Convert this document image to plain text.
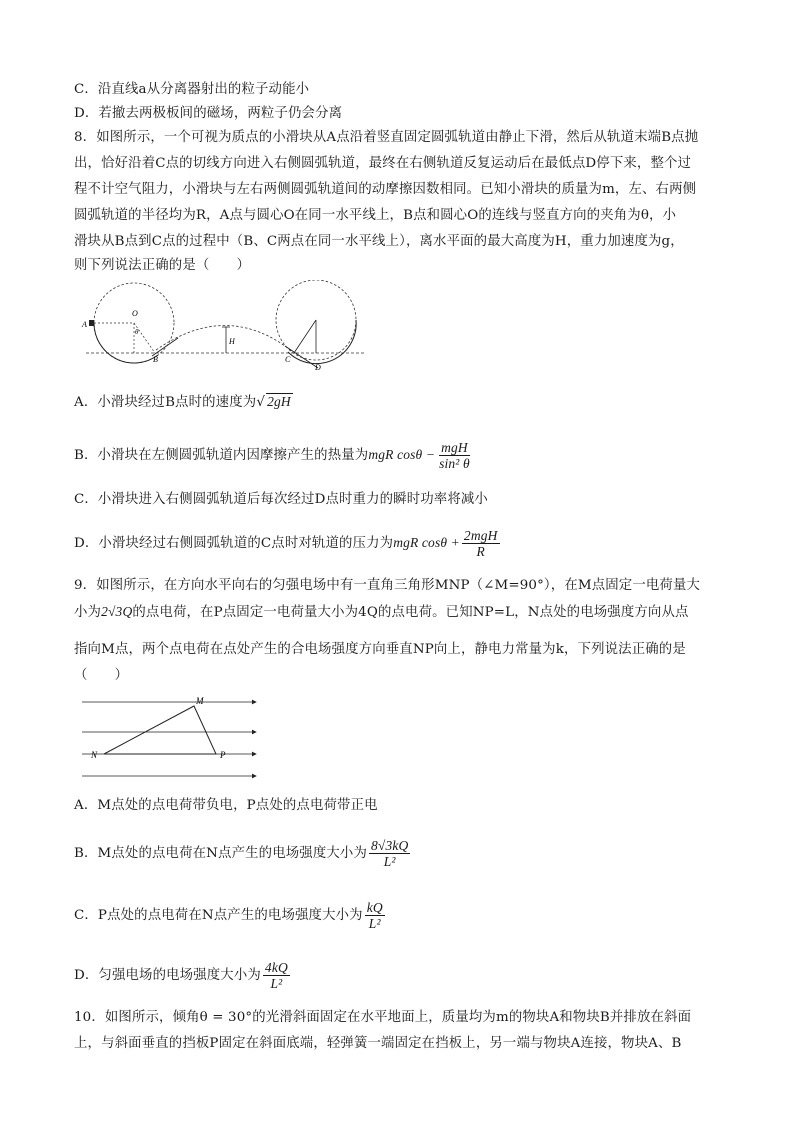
C．沿直线a从分离器射出的粒子动能小
D．若撤去两极板间的磁场，两粒子仍会分离
8．如图所示，一个可视为质点的小滑块从A点沿着竖直固定圆弧轨道由静止下滑，然后从轨道末端B点抛
出，恰好沿着C点的切线方向进入右侧圆弧轨道，最终在右侧轨道反复运动后在最低点D停下来，整个过
程不计空气阻力，小滑块与左右两侧圆弧轨道间的动摩擦因数相同。已知小滑块的质量为m，左、右两侧
圆弧轨道的半径均为R，A点与圆心O在同一水平线上，B点和圆心O的连线与竖直方向的夹角为θ，小
滑块从B点到C点的过程中（B、C两点在同一水平线上），离水平面的最大高度为H，重力加速度为g，
则下列说法正确的是（　　）
A
O
θ
B
H
C
D
A．小滑块经过B点时的速度为√ 2gH
B．小滑块在左侧圆弧轨道内因摩擦产生的热量为mgR $\cos\theta - \frac{\text{mgH}}{\text{sin² θ}}$
C．小滑块进入右侧圆弧轨道后每次经过D点时重力的瞬时功率将减小
D．小滑块经过右侧圆弧轨道的C点时对轨道的压力为mgR $\cos\theta + \frac{\text{2mgH}}{R}$
9．如图所示，在方向水平向右的匀强电场中有一直角三角形MNP（∠M=90°），在M点固定一电荷量大
小为2√3Q的点电荷，在P点固定一电荷量大小为4Q的点电荷。已知NP=L，N点处的电场强度方向从点
指向M点，两个点电荷在点处产生的合电场强度方向垂直NP向上，静电力常量为k，下列说法正确的是
（　　）
M
N	P
A．M点处的点电荷带负电，P点处的点电荷带正电
B．M点处的点电荷在N点产生的电场强度大小为 $\frac{8√3kQ}{\text{L²}}$
C．P点处的点电荷在N点产生的电场强度大小为 $\frac{kQ}{\text{L²}}$
D．匀强电场的电场强度大小为 $\frac{4kQ}{\text{L²}}$
10．如图所示，倾角θ = 30°的光滑斜面固定在水平地面上，质量均为m的物块A和物块B并排放在斜面
上，与斜面垂直的挡板P固定在斜面底端，轻弹簧一端固定在挡板上，另一端与物块A连接，物块A、B
